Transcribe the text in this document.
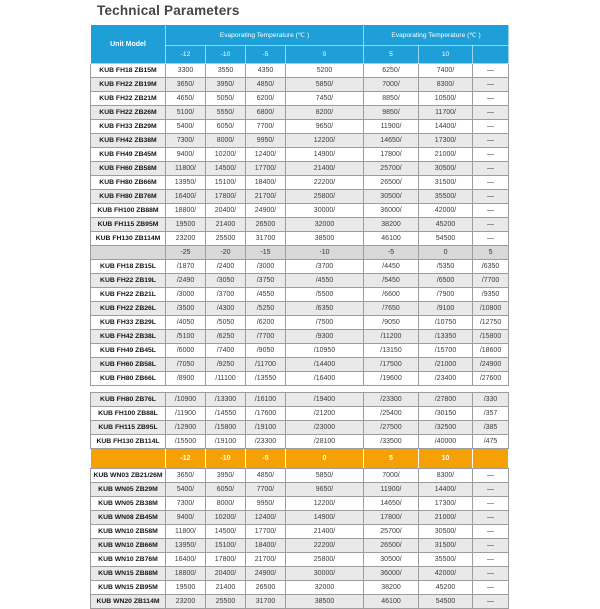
Technical Parameters
Unit Model	Evaporating Temperature (℃ )				Evaporating Temperature (℃ )		
	-12	-10	-5	0	5	10	
KUB FH18 ZB15M	3300	3550	4350	5200	6250/	7400/	—
KUB FH22 ZB19M	3650/	3950/	4850/	5850/	7000/	8300/	—
KUB FH22 ZB21M	4650/	5050/	6200/	7450/	8850/	10500/	—
KUB FH22 ZB26M	5100/	5550/	6800/	8200/	9850/	11700/	—
KUB FH33 ZB29M	5400/	6050/	7700/	9650/	11900/	14400/	—
KUB FH42 ZB38M	7300/	8000/	9950/	12200/	14650/	17300/	—
KUB FH49 ZB45M	9400/	10200/	12400/	14900/	17800/	21000/	—
KUB FH60 ZB58M	11800/	14500/	17700/	21400/	25700/	30500/	—
KUB FH80 ZB66M	13950/	15100/	18400/	22200/	26500/	31500/	—
KUB FH80 ZB76M	16400/	17800/	21700/	25800/	30500/	35500/	—
KUB FH100 ZB88M	18800/	20400/	24900/	30000/	36000/	42000/	—
KUB FH115 ZB95M	19500	21400	26500	32000	38200	45200	—
KUB FH130 ZB114M	23200	25500	31700	38500	46100	54500	—
	-25	-20	-15	-10	-5	0	5
KUB FH18 ZB15L	/1870	/2400	/3000	/3700	/4450	/5350	/6350
KUB FH22 ZB19L	/2490	/3050	/3750	/4550	/5450	/6500	/7700
KUB FH22 ZB21L	/3000	/3700	/4550	/5500	/6600	/7900	/9350
KUB FH22 ZB26L	/3500	/4300	/5250	/6350	/7650	/9100	/10800
KUB FH33 ZB29L	/4050	/5050	/6200	/7500	/9050	/10750	/12750
KUB FH42 ZB38L	/5100	/6250	/7700	/9300	/11200	/13350	/15800
KUB FH49 ZB45L	/6000	/7400	/9050	/10950	/13150	/15700	/18600
KUB FH60 ZB58L	/7050	/9250	/11700	/14400	/17500	/21000	/24900
KUB FH80 ZB66L	/8900	/11100	/13550	/16400	/19600	/23400	/27600
KUB FH80 ZB76L	/10900	/13300	/16100	/19400	/23300	/27800	/330
KUB FH100 ZB88L	/11900	/14550	/17600	/21200	/25400	/30150	/357
KUB FH115 ZB95L	/12900	/15800	/19100	/23000	/27500	/32500	/385
KUB FH130 ZB114L	/15500	/19100	/23300	/28100	/33500	/40000	/475
	-12	-10	-5	0	5	10	
KUB WN03 ZB21/26M	3650/	3950/	4850/	5850/	7000/	8300/	—
KUB WN05 ZB29M	5400/	6050/	7700/	9650/	11900/	14400/	—
KUB WN05 ZB38M	7300/	8000/	9950/	12200/	14650/	17300/	—
KUB WN08 ZB45M	9400/	10200/	12400/	14900/	17800/	21000/	—
KUB WN10 ZB58M	11800/	14500/	17700/	21400/	25700/	30500/	—
KUB WN10 ZB66M	13950/	15100/	18400/	22200/	26500/	31500/	—
KUB WN10 ZB76M	16400/	17800/	21700/	25800/	30500/	35500/	—
KUB WN15 ZB88M	18800/	20400/	24900/	30000/	36000/	42000/	—
KUB WN15 ZB95M	19500	21400	26500	32000	38200	45200	—
KUB WN20 ZB114M	23200	25500	31700	38500	46100	54500	—
